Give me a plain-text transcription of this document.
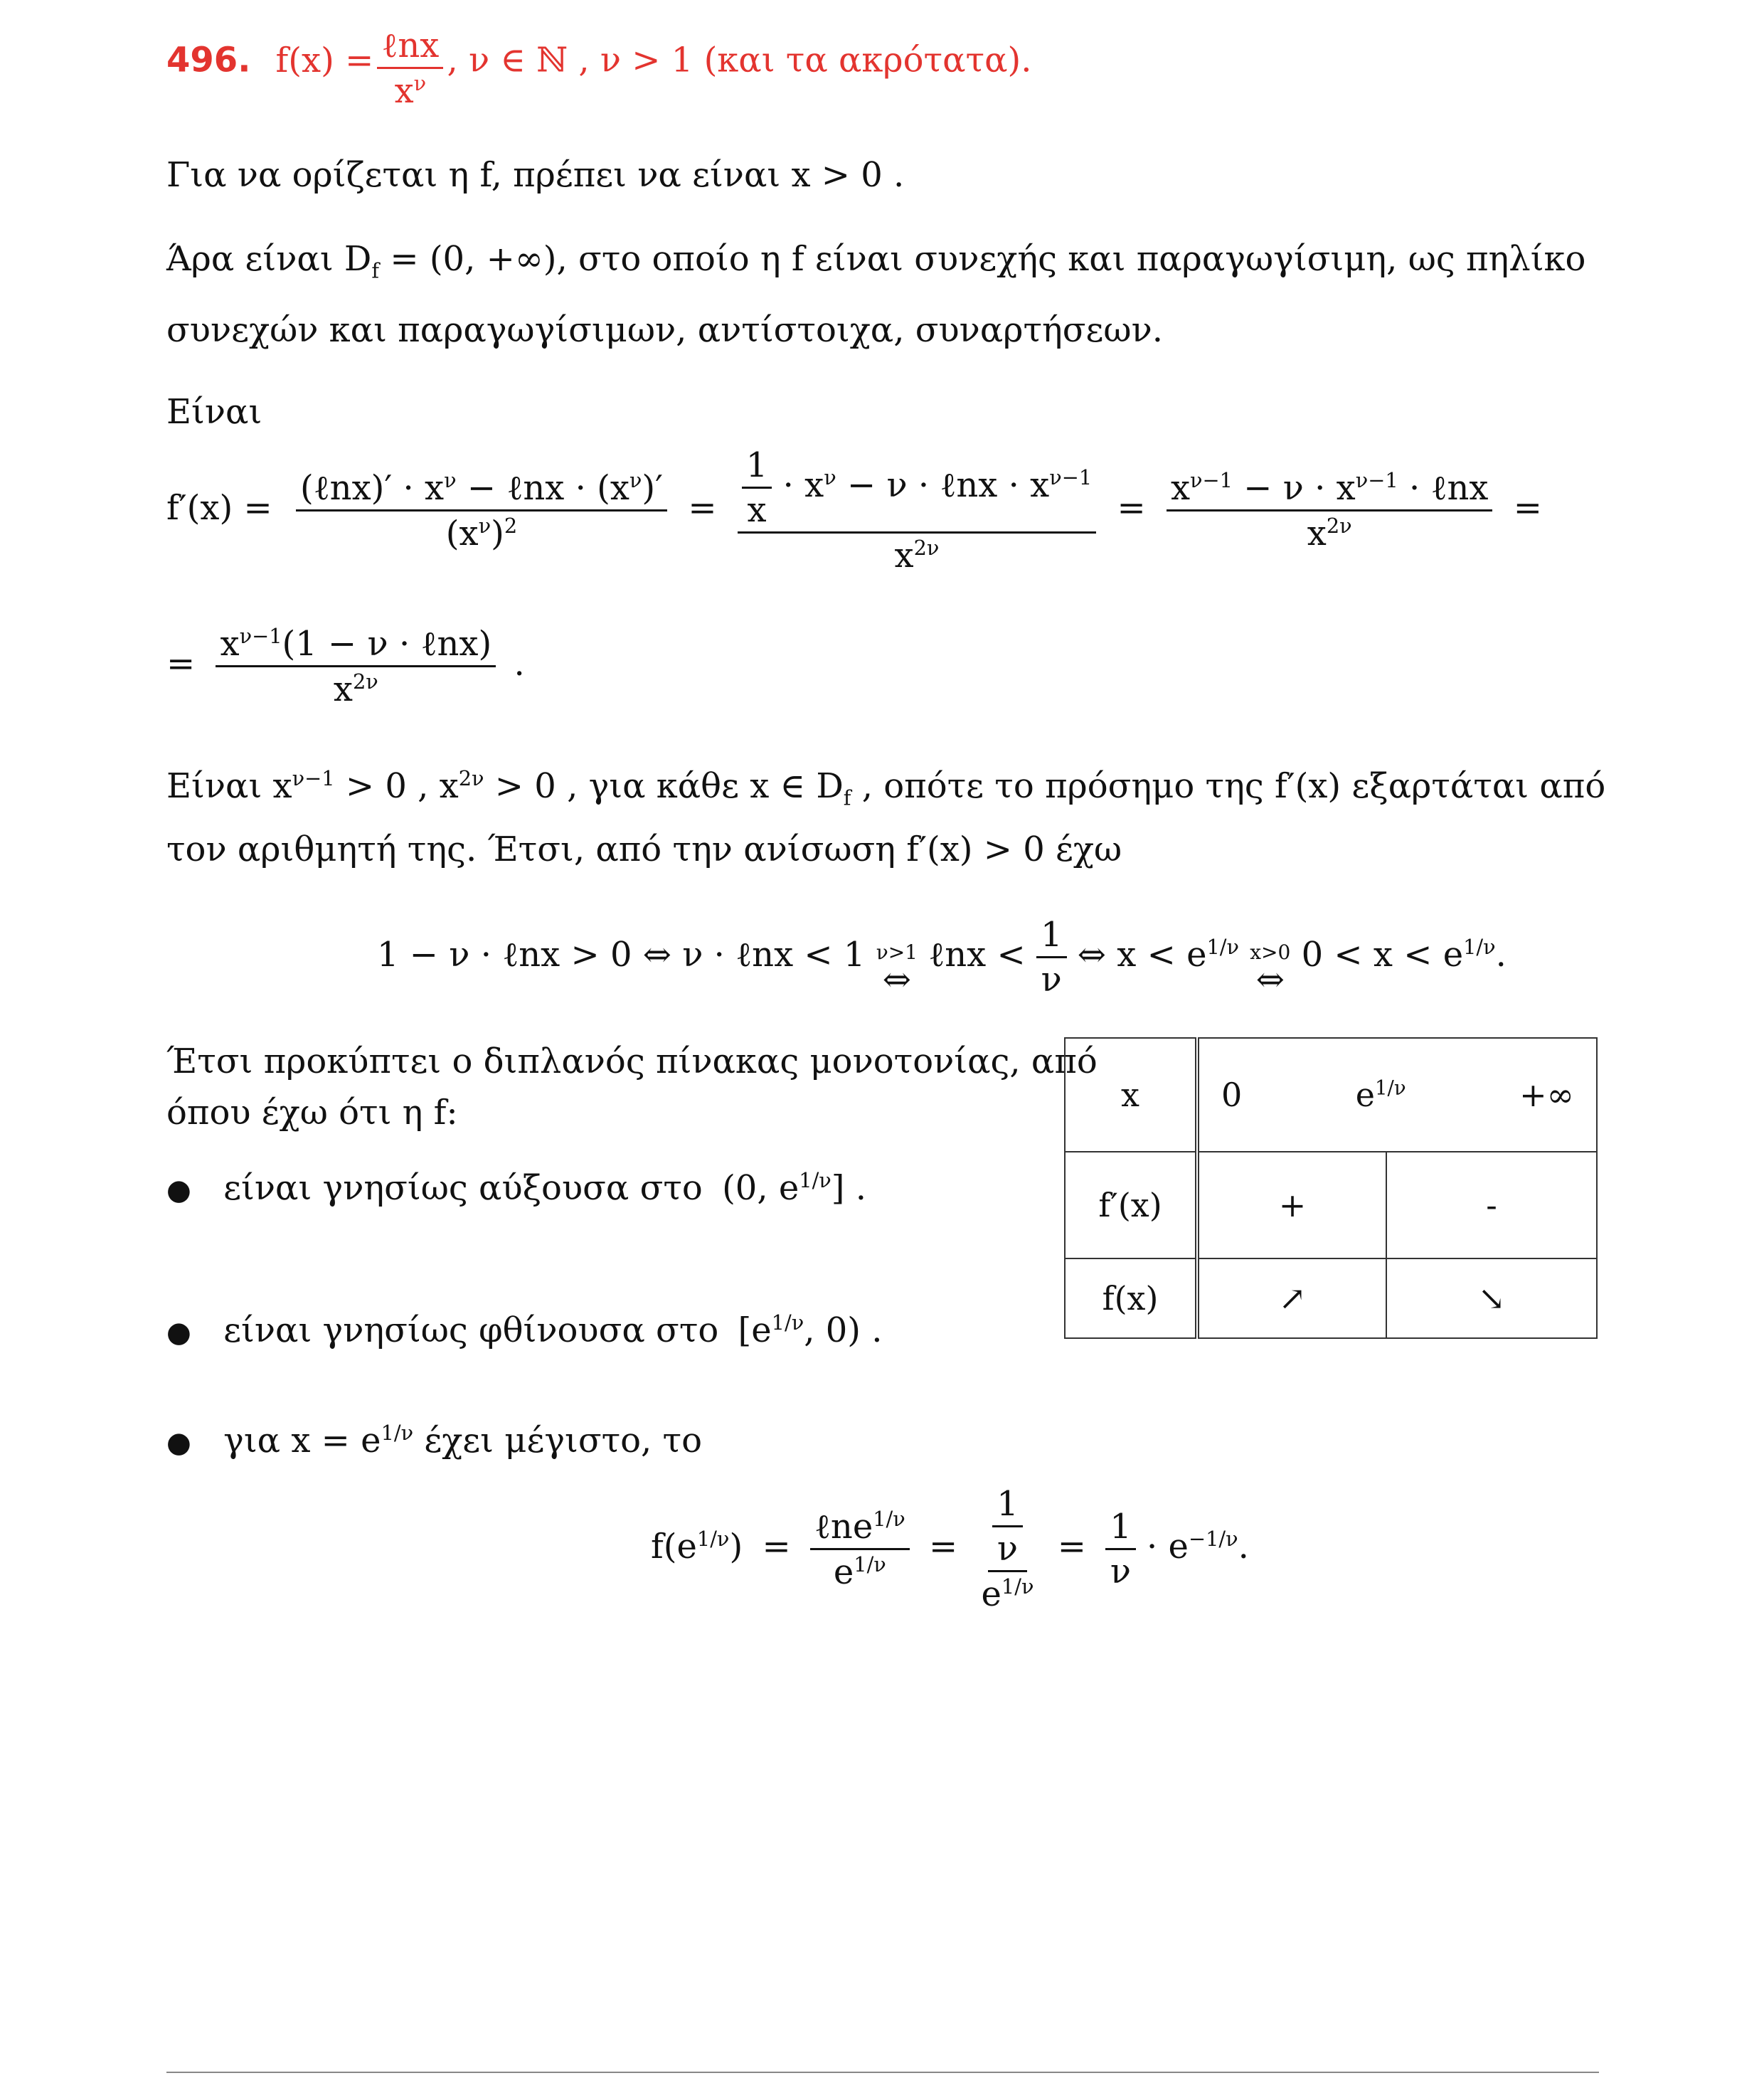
496. $f(x) = \frac{\text{ℓnx}}{x^\nu}$ , ν ∈ ℕ , ν > 1 (και τα ακρότατα).
Για να ορίζεται η f, πρέπει να είναι x > 0 .
Άρα είναι $D_f = (0$, +∞), στο οποίο η f είναι συνεχής και παραγωγίσιμη, ως πηλίκο
συνεχών και παραγωγίσιμων, αντίστοιχα, συναρτήσεων.
Είναι
$f'(x) = \frac{(\ell nx)' \cdot x^\nu - \ell nx \cdot (x^\nu)'}{(x^\nu)^2} = \frac{\frac{1}{x} \cdot x^\nu - \nu \cdot \ell nx \cdot x^{\nu-1}}{x^{2\nu}} = \frac{x^{\nu-1} - \nu \cdot x^{\nu-1} \cdot \ell nx}{x^{2\nu}}$ =
= $\frac{x^{\nu-1}(1 - \nu \cdot \ell nx)}{x^{2\nu}}$ .
Είναι $x^{\nu-1} > 0$ , $x^{2\nu} > 0$ , για κάθε x ∈ $D_f$ , οπότε το πρόσημο της f′(x) εξαρτάται από
τον αριθμητή της. Έτσι, από την ανίσωση f′(x) > 0 έχω
1 − ν · ℓnx > 0 ⇔ ν · ℓnx < 1 ν>1
⇔
ℓnx < $\frac{1}{\nu}$ ⇔ $x < e^{1/\nu}$ x>0
⇔
$0 < x < e^{1/\nu}$.
Έτσι προκύπτει ο διπλανός πίνακας μονοτονίας, από
όπου έχω ότι η f:
● είναι γνησίως αύξουσα στο (0, $e^{1/\nu}$] .
● είναι γνησίως φθίνουσα στο [$e^{1/\nu}$, 0) .
● για $x = e^{1/\nu}$ έχει μέγιστο, το
$f(e^{1/\nu}) = \frac{\ell ne^{1/\nu}}{e^{1/\nu}} = \frac{\frac{1}{\nu}}{e^{1/\nu}} = \frac{1}{\nu} \cdot e^{-1/\nu}$.
x	0 $e^{1/\nu}$ +∞	

f′(x)	+	-
f(x)	↗	↘
